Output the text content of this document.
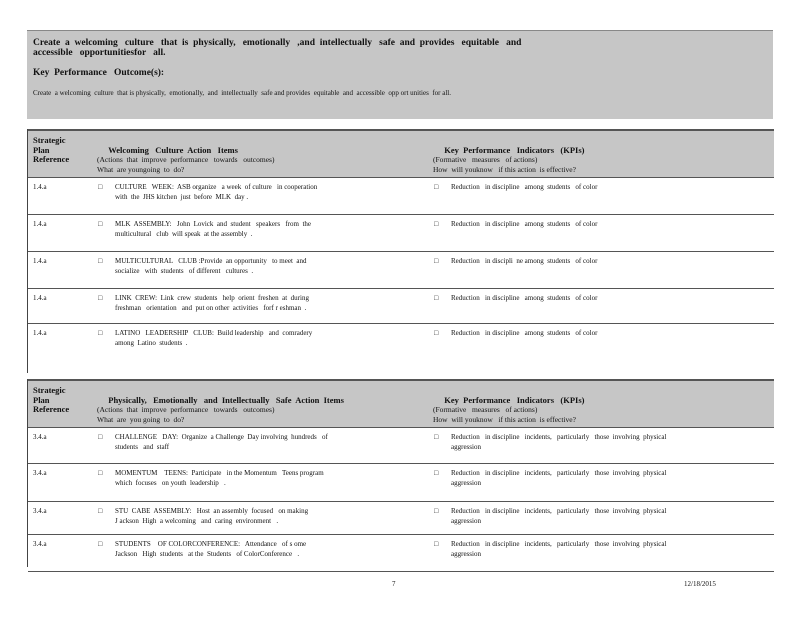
Create  a  welcoming   culture   that  is  physically,   emotionally   ,and  intellectually   safe  and  provides   equitable   and
accessible   opportunitiesfor   all.
Key  Performance   Outcome(s):
Create  a welcoming  culture  that is physically,  emotionally,  and  intellectually  safe and provides  equitable  and  accessible  opp ort unities  for all.
Strategic
Plan
Reference

Welcoming   Culture  Action   Items
(Actions  that  improve  performance   towards   outcomes)
What  are youngoing  to  do?

Key  Performance   Indicators   (KPIs)
(Formative   measures   of actions)
How  will youknow   if this action  is effective?

1.4.a	□ CULTURE   WEEK:  ASB organize   a week  of culture   in cooperation
with  the  JHS kitchen  just  before  MLK  day .
□ Reduction   in discipline   among  students   of color

1.4.a	□ MLK  ASSEMBLY:   John  Lovick  and  student   speakers   from  the
multicultural   club  will speak  at the assembly  .
□ Reduction   in discipline   among  students   of color

1.4.a	□ MULTICULTURAL   CLUB :Provide  an opportunity   to meet  and
socialize   with  students   of different   cultures  .
□ Reduction   in discipli  ne among  students   of color

1.4.a	□ LINK  CREW:  Link  crew  students   help  orient  freshen  at  during
freshman   orientation   and  put on other  activities   forf r eshman  .
□ Reduction   in discipline   among  students   of color

1.4.a	□ LATINO   LEADERSHIP   CLUB:  Build leadership   and  comradery
among  Latino  students  .
□ Reduction   in discipline   among  students   of color

Strategic
Plan
Reference

Physically,   Emotionally   and  Intellectually   Safe  Action  Items
(Actions  that  improve  performance   towards   outcomes)
What  are  you going  to  do?

Key  Performance   Indicators   (KPIs)
(Formative   measures   of actions)
How  will youknow   if this action  is effective?

3.4.a	□ CHALLENGE   DAY:  Organize  a Challenge  Day involving  hundreds   of
students   and  staff
□ Reduction   in discipline   incidents,   particularly   those  involving  physical
aggression
3.4.a	□ MOMENTUM    TEENS:  Participate   in the Momentum   Teens program
which  focuses   on youth  leadership   .
□ Reduction   in discipline   incidents,   particularly   those  involving  physical
aggression
3.4.a	□ STU  CABE  ASSEMBLY:   Host  an assembly  focused   on making
J ackson  High  a welcoming   and  caring  environment   .
□ Reduction   in discipline   incidents,   particularly   those  involving  physical
aggression
3.4.a	□ STUDENTS    OF COLORCONFERENCE:   Attendance   of s ome
Jackson   High  students   at the  Students   of ColorConference   .
□ Reduction   in discipline   incidents,   particularly   those  involving  physical
aggression
7	12/18/2015
